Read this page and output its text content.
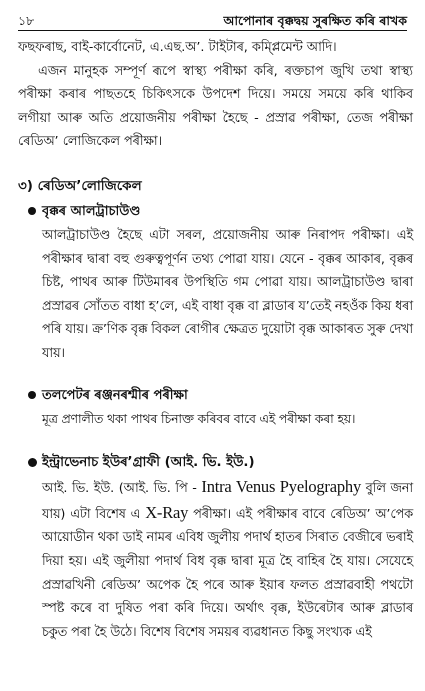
১৮	আপোনাৰ বৃক্কদ্বয় সুৰক্ষিত কৰি ৰাখক

ফছফৰাছ, বাই-কাৰ্বোনেট, এ.এছ.অ’. টাইটাৰ, কম্প্লিমেন্ট আদি।

এজন মানুহক সম্পূৰ্ণ ৰূপে স্বাস্থ্য পৰীক্ষা কৰি, ৰক্তচাপ জুখি তথা স্বাস্থ্য পৰীক্ষা কৰাৰ পাছতহে চিকিৎসকে উপদেশ দিয়ে। সময়ে সময়ে কৰি থাকিব লগীয়া আৰু অতি প্ৰয়োজনীয় পৰীক্ষা হৈছে - প্ৰস্ৰাৱ পৰীক্ষা, তেজ পৰীক্ষা ৰেডিঅ’ লোজিকেল পৰীক্ষা।

৩) ৰেডিঅ’লোজিকেল
বৃক্কৰ আলট্ৰাচাউণ্ড
আলট্ৰাচাউণ্ড হৈছে এটা সৰল, প্ৰয়োজনীয় আৰু নিৰাপদ পৰীক্ষা। এই পৰীক্ষাৰ দ্বাৰা বহু গুৰুত্বপূৰ্ণন তথ্য পোৱা যায়। যেনে - বৃক্কৰ আকাৰ, বৃক্কৰ চিষ্ট, পাথৰ আৰু টিউমাৰৰ উপস্থিতি গম পোৱা যায়। আলট্ৰাচাউণ্ড দ্বাৰা প্ৰস্ৰাৱৰ সোঁতত বাধা হ’লে, এই বাধা বৃক্ক বা ব্লাডাৰ য’তেই নহওঁক কিয় ধৰা পৰি যায়। ক্ৰ’ণিক বৃক্ক বিকল ৰোগীৰ ক্ষেত্ৰত দুয়োটা বৃক্ক আকাৰত সুৰু দেখা যায়।
তলপেটৰ ৰঞ্জনৰশ্মীৰ পৰীক্ষা
মূত্ৰ প্ৰণালীত থকা পাথৰ চিনাক্ত কৰিবৰ বাবে এই পৰীক্ষা কৰা হয়।
ইন্ট্ৰাভেনাচ ইউৰ’গ্ৰাফী (আই. ভি. ইউ.)
আই. ভি. ইউ. (আই. ভি. পি - Intra Venus Pyelography বুলি জনা যায়) এটা বিশেষ এ X-Ray পৰীক্ষা। এই পৰীক্ষাৰ বাবে ৰেডিঅ’ অ’পেক আয়োডীন থকা ডাই নামৰ এবিধ জুলীয় পদাৰ্থ হাতৰ সিৰাত বেজীৰে ভৰাই দিয়া হয়। এই জুলীয়া পদাৰ্থ বিধ বৃক্ক দ্বাৰা মূত্ৰ হৈ বাহিৰ হৈ যায়। সেযেহে প্ৰস্ৰাৱখিনী ৰেডিঅ’ অপেক হৈ পৰে আৰু ইয়াৰ ফলত প্ৰস্ৰাৱবাহী পথটো স্পষ্ট কৰে বা দুষিত পৰা কৰি দিয়ে। অৰ্থাৎ বৃক্ক, ইউৰেটাৰ আৰু ব্লাডাৰ চকুত পৰা হৈ উঠে। বিশেষ বিশেষ সময়ৰ ব্যৱধানত কিছু সংখ্যক এই
